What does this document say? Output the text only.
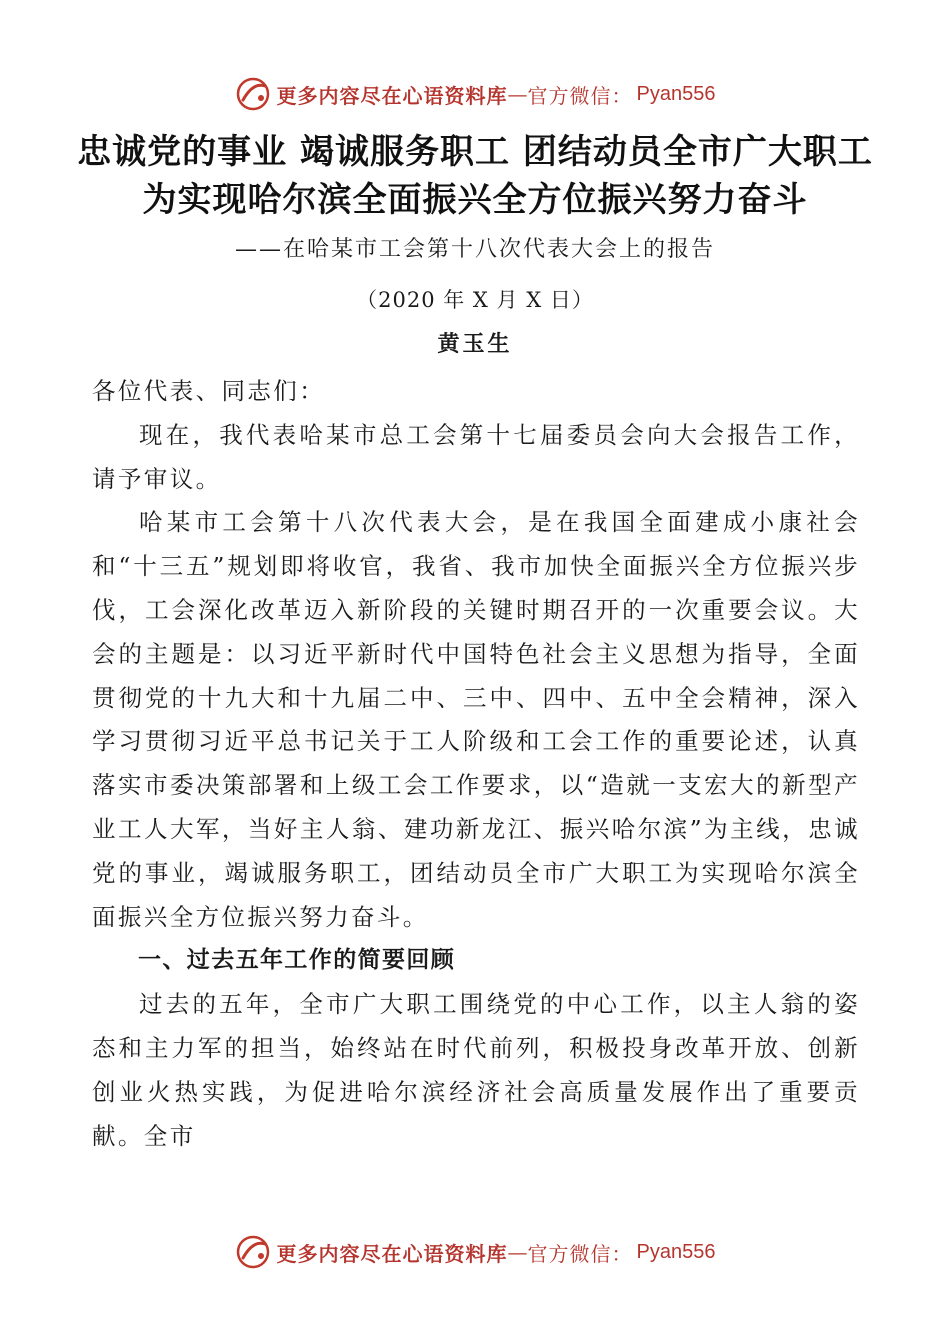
更多内容尽在心语资料库 — 官方微信： Pyan556
忠诚党的事业 竭诚服务职工 团结动员全市广大职工为实现哈尔滨全面振兴全方位振兴努力奋斗
——在哈某市工会第十八次代表大会上的报告
（2020 年 X 月 X 日）
黄玉生

各位代表、同志们：

现在，我代表哈某市总工会第十七届委员会向大会报告工作，请予审议。

哈某市工会第十八次代表大会，是在我国全面建成小康社会和“十三五”规划即将收官，我省、我市加快全面振兴全方位振兴步伐，工会深化改革迈入新阶段的关键时期召开的一次重要会议。大会的主题是：以习近平新时代中国特色社会主义思想为指导，全面贯彻党的十九大和十九届二中、三中、四中、五中全会精神，深入学习贯彻习近平总书记关于工人阶级和工会工作的重要论述，认真落实市委决策部署和上级工会工作要求，以“造就一支宏大的新型产业工人大军，当好主人翁、建功新龙江、振兴哈尔滨”为主线，忠诚党的事业，竭诚服务职工，团结动员全市广大职工为实现哈尔滨全面振兴全方位振兴努力奋斗。

一、过去五年工作的简要回顾

过去的五年，全市广大职工围绕党的中心工作，以主人翁的姿态和主力军的担当，始终站在时代前列，积极投身改革开放、创新创业火热实践，为促进哈尔滨经济社会高质量发展作出了重要贡献。全市

更多内容尽在心语资料库 — 官方微信： Pyan556
